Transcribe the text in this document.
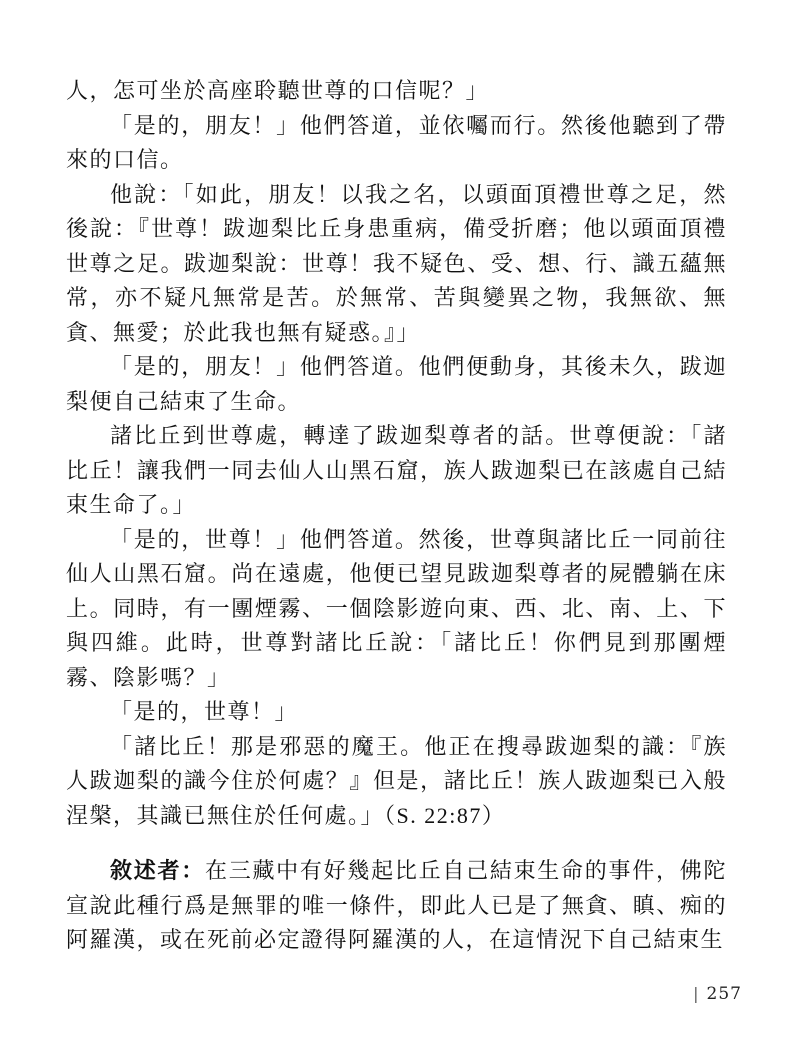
人，怎可坐於高座聆聽世尊的口信呢？」

「是的，朋友！」他們答道，並依囑而行。然後他聽到了帶來的口信。

他說：「如此，朋友！以我之名，以頭面頂禮世尊之足，然後說：『世尊！跋迦梨比丘身患重病，備受折磨；他以頭面頂禮世尊之足。跋迦梨說：世尊！我不疑色、受、想、行、識五蘊無常，亦不疑凡無常是苦。於無常、苦與變異之物，我無欲、無貪、無愛；於此我也無有疑惑。』」

「是的，朋友！」他們答道。他們便動身，其後未久，跋迦梨便自己結束了生命。

諸比丘到世尊處，轉達了跋迦梨尊者的話。世尊便說：「諸比丘！讓我們一同去仙人山黑石窟，族人跋迦梨已在該處自己結束生命了。」

「是的，世尊！」他們答道。然後，世尊與諸比丘一同前往仙人山黑石窟。尚在遠處，他便已望見跋迦梨尊者的屍體躺在床上。同時，有一團煙霧、一個陰影遊向東、西、北、南、上、下與四維。此時，世尊對諸比丘說：「諸比丘！你們見到那團煙霧、陰影嗎？」

「是的，世尊！」

「諸比丘！那是邪惡的魔王。他正在搜尋跋迦梨的識：『族人跋迦梨的識今住於何處？』但是，諸比丘！族人跋迦梨已入般涅槃，其識已無住於任何處。」（S. 22:87）

敘述者：在三藏中有好幾起比丘自己結束生命的事件，佛陀宣說此種行爲是無罪的唯一條件，即此人已是了無貪、瞋、痴的阿羅漢，或在死前必定證得阿羅漢的人，在這情況下自己結束生

| 257
